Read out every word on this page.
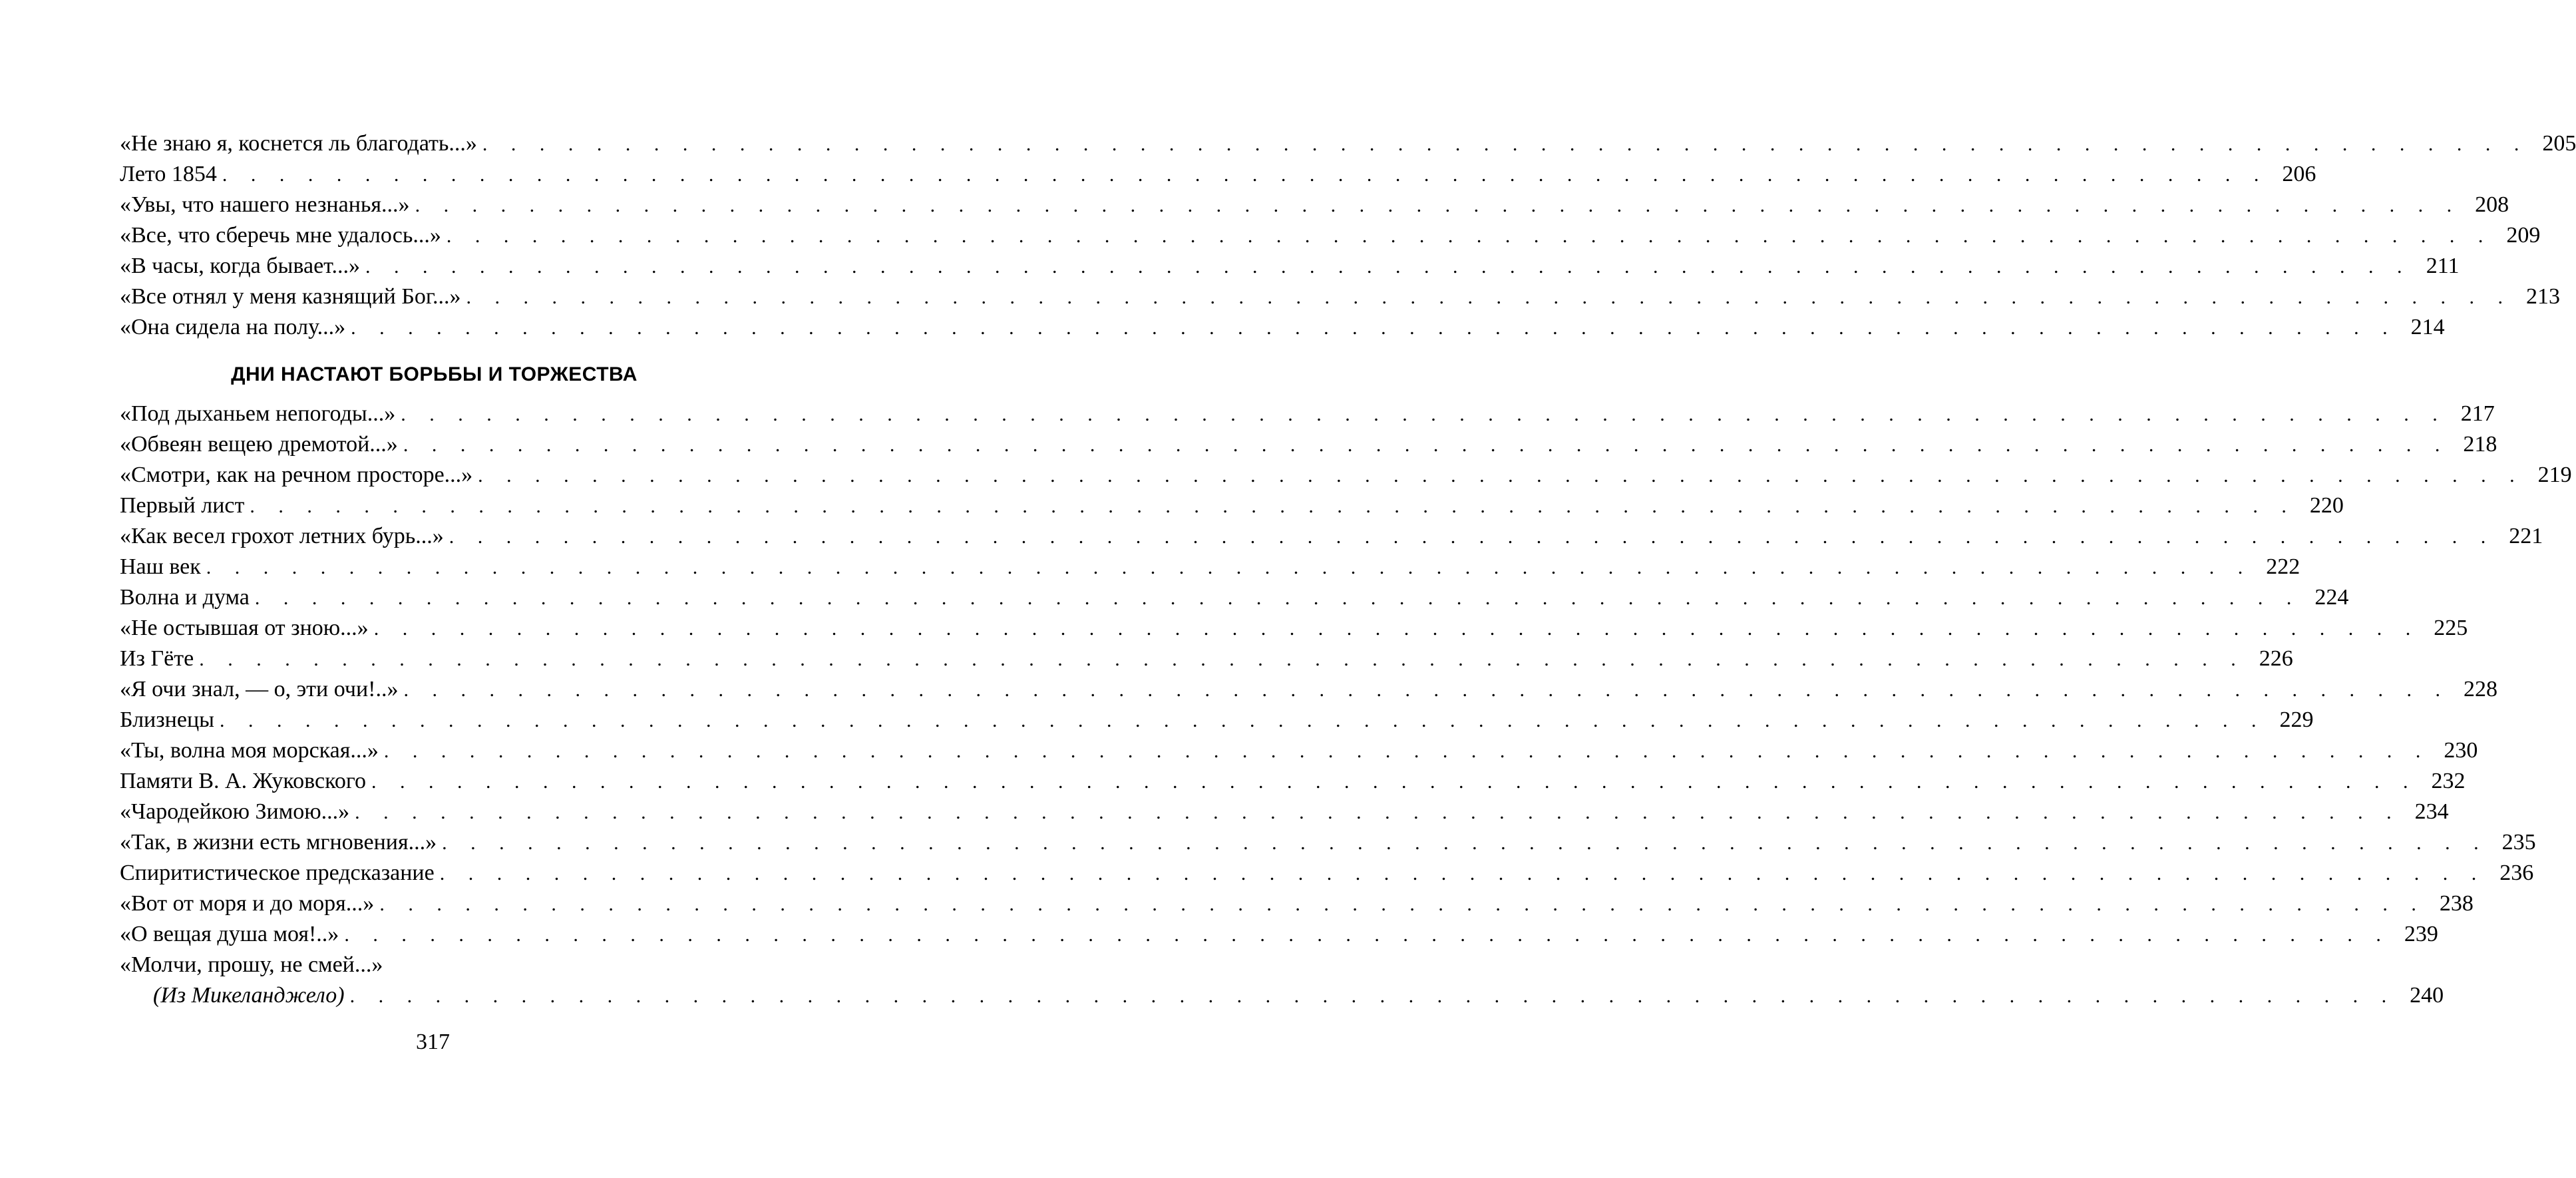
«Не знаю я, коснется ль благодать...» . . . . . . . . . . . . . . . . . . . . . . . . . . . . . . . . . . . . . . . . . . . . . . . . . . . . . . . . . . . . . . . . . . . . . . . . 205
Лето 1854 . . . . . . . . . . . . . . . . . . . . . . . . . . . . . . . . . . . . . . . . . . . . . . . . . . . . . . . . . . . . . . . . . . . . . . . . 206
«Увы, что нашего незнанья...» . . . . . . . . . . . . . . . . . . . . . . . . . . . . . . . . . . . . . . . . . . . . . . . . . . . . . . . . . . . . . . . . . . . . . . . . 208
«Все, что сберечь мне удалось...» . . . . . . . . . . . . . . . . . . . . . . . . . . . . . . . . . . . . . . . . . . . . . . . . . . . . . . . . . . . . . . . . . . . . . . . . 209
«В часы, когда бывает...» . . . . . . . . . . . . . . . . . . . . . . . . . . . . . . . . . . . . . . . . . . . . . . . . . . . . . . . . . . . . . . . . . . . . . . . . 211
«Все отнял у меня казнящий Бог...» . . . . . . . . . . . . . . . . . . . . . . . . . . . . . . . . . . . . . . . . . . . . . . . . . . . . . . . . . . . . . . . . . . . . . . . . 213
«Она сидела на полу...» . . . . . . . . . . . . . . . . . . . . . . . . . . . . . . . . . . . . . . . . . . . . . . . . . . . . . . . . . . . . . . . . . . . . . . . . 214
ДНИ НАСТАЮТ БОРЬБЫ И ТОРЖЕСТВА
«Под дыханьем непогоды...» . . . . . . . . . . . . . . . . . . . . . . . . . . . . . . . . . . . . . . . . . . . . . . . . . . . . . . . . . . . . . . . . . . . . . . . . 217
«Обвеян вещею дремотой...» . . . . . . . . . . . . . . . . . . . . . . . . . . . . . . . . . . . . . . . . . . . . . . . . . . . . . . . . . . . . . . . . . . . . . . . . 218
«Смотри, как на речном просторе...» . . . . . . . . . . . . . . . . . . . . . . . . . . . . . . . . . . . . . . . . . . . . . . . . . . . . . . . . . . . . . . . . . . . . . . . . 219
Первый лист . . . . . . . . . . . . . . . . . . . . . . . . . . . . . . . . . . . . . . . . . . . . . . . . . . . . . . . . . . . . . . . . . . . . . . . . 220
«Как весел грохот летних бурь...» . . . . . . . . . . . . . . . . . . . . . . . . . . . . . . . . . . . . . . . . . . . . . . . . . . . . . . . . . . . . . . . . . . . . . . . . 221
Наш век . . . . . . . . . . . . . . . . . . . . . . . . . . . . . . . . . . . . . . . . . . . . . . . . . . . . . . . . . . . . . . . . . . . . . . . . 222
Волна и дума . . . . . . . . . . . . . . . . . . . . . . . . . . . . . . . . . . . . . . . . . . . . . . . . . . . . . . . . . . . . . . . . . . . . . . . . 224
«Не остывшая от зною...» . . . . . . . . . . . . . . . . . . . . . . . . . . . . . . . . . . . . . . . . . . . . . . . . . . . . . . . . . . . . . . . . . . . . . . . . 225
Из Гёте . . . . . . . . . . . . . . . . . . . . . . . . . . . . . . . . . . . . . . . . . . . . . . . . . . . . . . . . . . . . . . . . . . . . . . . . 226
«Я очи знал, — о, эти очи!..» . . . . . . . . . . . . . . . . . . . . . . . . . . . . . . . . . . . . . . . . . . . . . . . . . . . . . . . . . . . . . . . . . . . . . . . . 228
Близнецы . . . . . . . . . . . . . . . . . . . . . . . . . . . . . . . . . . . . . . . . . . . . . . . . . . . . . . . . . . . . . . . . . . . . . . . . 229
«Ты, волна моя морская...» . . . . . . . . . . . . . . . . . . . . . . . . . . . . . . . . . . . . . . . . . . . . . . . . . . . . . . . . . . . . . . . . . . . . . . . . 230
Памяти В. А. Жуковского . . . . . . . . . . . . . . . . . . . . . . . . . . . . . . . . . . . . . . . . . . . . . . . . . . . . . . . . . . . . . . . . . . . . . . . . 232
«Чародейкою Зимою...» . . . . . . . . . . . . . . . . . . . . . . . . . . . . . . . . . . . . . . . . . . . . . . . . . . . . . . . . . . . . . . . . . . . . . . . . 234
«Так, в жизни есть мгновения...» . . . . . . . . . . . . . . . . . . . . . . . . . . . . . . . . . . . . . . . . . . . . . . . . . . . . . . . . . . . . . . . . . . . . . . . . 235
Спиритистическое предсказание . . . . . . . . . . . . . . . . . . . . . . . . . . . . . . . . . . . . . . . . . . . . . . . . . . . . . . . . . . . . . . . . . . . . . . . . 236
«Вот от моря и до моря...» . . . . . . . . . . . . . . . . . . . . . . . . . . . . . . . . . . . . . . . . . . . . . . . . . . . . . . . . . . . . . . . . . . . . . . . . 238
«О вещая душа моя!..» . . . . . . . . . . . . . . . . . . . . . . . . . . . . . . . . . . . . . . . . . . . . . . . . . . . . . . . . . . . . . . . . . . . . . . . . 239
«Молчи, прошу, не смей...»
(Из Микеланджело) . . . . . . . . . . . . . . . . . . . . . . . . . . . . . . . . . . . . . . . . . . . . . . . . . . . . . . . . . . . . . . . . . . . . . . . . 240
317
